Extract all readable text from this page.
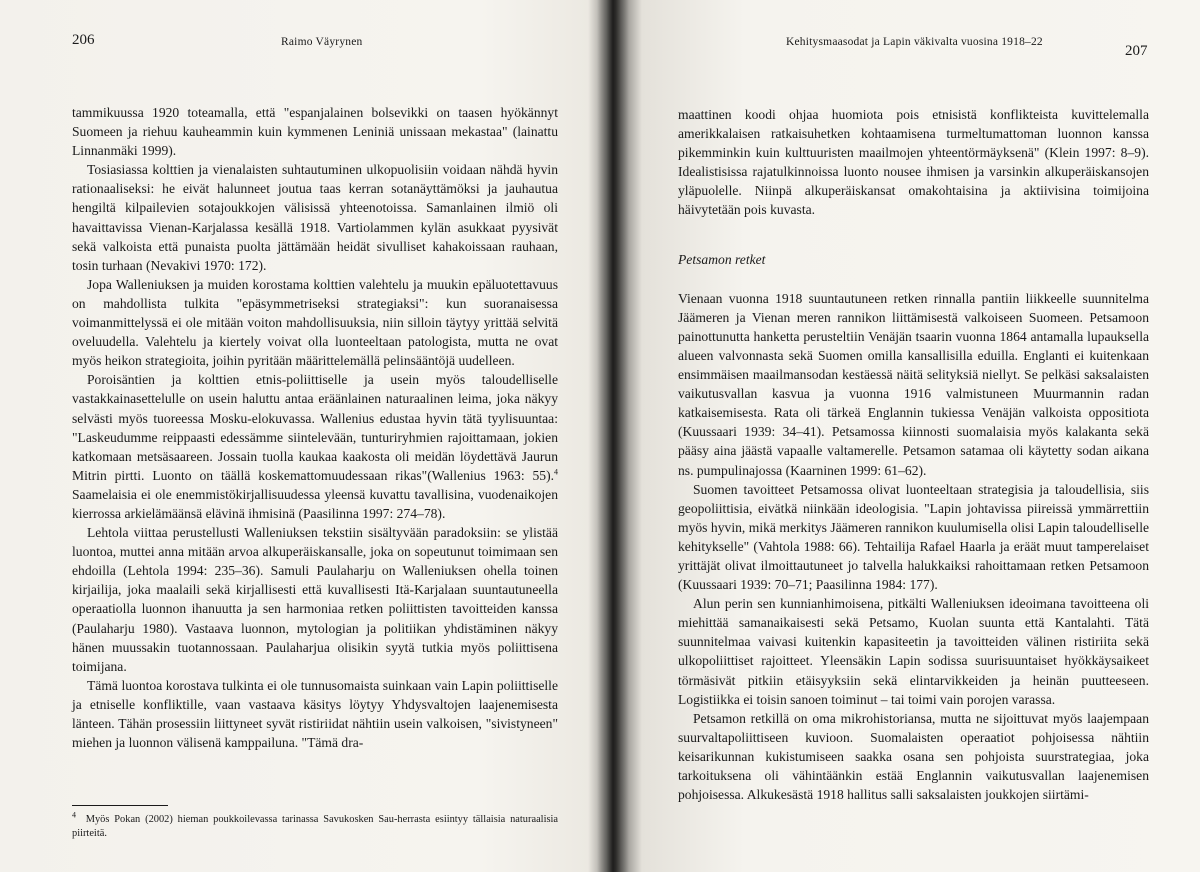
206	Raimo Väyrynen

tammikuussa 1920 toteamalla, että "espanjalainen bolsevikki on taasen hyökännyt Suomeen ja riehuu kauheammin kuin kymmenen Leniniä unissaan mekastaa" (lainattu Linnanmäki 1999).

Tosiasiassa kolttien ja vienalaisten suhtautuminen ulkopuolisiin voidaan nähdä hyvin rationaaliseksi: he eivät halunneet joutua taas kerran sotanäyttämöksi ja jauhautua hengiltä kilpailevien sotajoukkojen välisissä yhteenotoissa. Samanlainen ilmiö oli havaittavissa Vienan-Karjalassa kesällä 1918. Vartiolammen kylän asukkaat pyysivät sekä valkoista että punaista puolta jättämään heidät sivulliset kahakoissaan rauhaan, tosin turhaan (Nevakivi 1970: 172).

Jopa Walleniuksen ja muiden korostama kolttien valehtelu ja muukin epäluotettavuus on mahdollista tulkita "epäsymmetriseksi strategiaksi": kun suoranaisessa voimanmittelyssä ei ole mitään voiton mahdollisuuksia, niin silloin täytyy yrittää selvitä oveluudella. Valehtelu ja kiertely voivat olla luonteeltaan patologista, mutta ne ovat myös heikon strategioita, joihin pyritään määrittelemällä pelinsääntöjä uudelleen.

Poroisäntien ja kolttien etnis-poliittiselle ja usein myös taloudelliselle vastakkainasettelulle on usein haluttu antaa eräänlainen naturaalinen leima, joka näkyy selvästi myös tuoreessa Mosku-elokuvassa. Wallenius edustaa hyvin tätä tyylisuuntaa: "Laskeudumme reippaasti edessämme siintelevään, tunturiryhmien rajoittamaan, jokien katkomaan metsäsaareen. Jossain tuolla kaukaa kaakosta oli meidän löydettävä Jaurun Mitrin pirtti. Luonto on täällä koskemattomuudessaan rikas"(Wallenius 1963: 55).$^4$ Saamelaisia ei ole enemmistökirjallisuudessa yleensä kuvattu tavallisina, vuodenaikojen kierrossa arkielämäänsä elävinä ihmisinä (Paasilinna 1997: 274–78).

Lehtola viittaa perustellusti Walleniuksen tekstiin sisältyvään paradoksiin: se ylistää luontoa, muttei anna mitään arvoa alkuperäiskansalle, joka on sopeutunut toimimaan sen ehdoilla (Lehtola 1994: 235–36). Samuli Paulaharju on Walleniuksen ohella toinen kirjailija, joka maalaili sekä kirjallisesti että kuvallisesti Itä-Karjalaan suuntautuneella operaatiolla luonnon ihanuutta ja sen harmoniaa retken poliittisten tavoitteiden kanssa (Paulaharju 1980). Vastaava luonnon, mytologian ja politiikan yhdistäminen näkyy hänen muussakin tuotannossaan. Paulaharjua olisikin syytä tutkia myös poliittisena toimijana.

Tämä luontoa korostava tulkinta ei ole tunnusomaista suinkaan vain Lapin poliittiselle ja etniselle konfliktille, vaan vastaava käsitys löytyy Yhdysvaltojen laajenemisesta länteen. Tähän prosessiin liittyneet syvät ristiriidat nähtiin usein valkoisen, "sivistyneen" miehen ja luonnon välisenä kamppailuna. "Tämä dra-

$^4$ Myös Pokan (2002) hieman poukkoilevassa tarinassa Savukosken Sau-herrasta esiintyy tällaisia naturaalisia piirteitä.
Kehitysmaasodat ja Lapin väkivalta vuosina 1918–22
207

maattinen koodi ohjaa huomiota pois etnisistä konflikteista kuvittelemalla amerikkalaisen ratkaisuhetken kohtaamisena turmeltumattoman luonnon kanssa pikemminkin kuin kulttuuristen maailmojen yhteentörmäyksenä" (Klein 1997: 8–9). Idealistisissa rajatulkinnoissa luonto nousee ihmisen ja varsinkin alkuperäiskansojen yläpuolelle. Niinpä alkuperäiskansat omakohtaisina ja aktiivisina toimijoina häivytetään pois kuvasta.

Petsamon retket

Vienaan vuonna 1918 suuntautuneen retken rinnalla pantiin liikkeelle suunnitelma Jäämeren ja Vienan meren rannikon liittämisestä valkoiseen Suomeen. Petsamoon painottunutta hanketta perusteltiin Venäjän tsaarin vuonna 1864 antamalla lupauksella alueen valvonnasta sekä Suomen omilla kansallisilla eduilla. Englanti ei kuitenkaan ensimmäisen maailmansodan kestäessä näitä selityksiä niellyt. Se pelkäsi saksalaisten vaikutusvallan kasvua ja vuonna 1916 valmistuneen Muurmannin radan katkaisemisesta. Rata oli tärkeä Englannin tukiessa Venäjän valkoista oppositiota (Kuussaari 1939: 34–41). Petsamossa kiinnosti suomalaisia myös kalakanta sekä pääsy aina jäästä vapaalle valtamerelle. Petsamon satamaa oli käytetty sodan aikana ns. pumpulinajossa (Kaarninen 1999: 61–62).

Suomen tavoitteet Petsamossa olivat luonteeltaan strategisia ja taloudellisia, siis geopoliittisia, eivätkä niinkään ideologisia. "Lapin johtavissa piireissä ymmärrettiin myös hyvin, mikä merkitys Jäämeren rannikon kuulumisella olisi Lapin taloudelliselle kehitykselle" (Vahtola 1988: 66). Tehtailija Rafael Haarla ja eräät muut tamperelaiset yrittäjät olivat ilmoittautuneet jo talvella halukkaiksi rahoittamaan retken Petsamoon (Kuussaari 1939: 70–71; Paasilinna 1984: 177).

Alun perin sen kunnianhimoisena, pitkälti Walleniuksen ideoimana tavoitteena oli miehittää samanaikaisesti sekä Petsamo, Kuolan suunta että Kantalahti. Tätä suunnitelmaa vaivasi kuitenkin kapasiteetin ja tavoitteiden välinen ristiriita sekä ulkopoliittiset rajoitteet. Yleensäkin Lapin sodissa suurisuuntaiset hyökkäysaikeet törmäsivät pitkiin etäisyyksiin sekä elintarvikkeiden ja heinän puutteeseen. Logistiikka ei toisin sanoen toiminut – tai toimi vain porojen varassa.

Petsamon retkillä on oma mikrohistoriansa, mutta ne sijoittuvat myös laajempaan suurvaltapoliittiseen kuvioon. Suomalaisten operaatiot pohjoisessa nähtiin keisarikunnan kukistumiseen saakka osana sen pohjoista suurstrategiaa, joka tarkoituksena oli vähintäänkin estää Englannin vaikutusvallan laajenemisen pohjoisessa. Alkukesästä 1918 hallitus salli saksalaisten joukkojen siirtämi-
